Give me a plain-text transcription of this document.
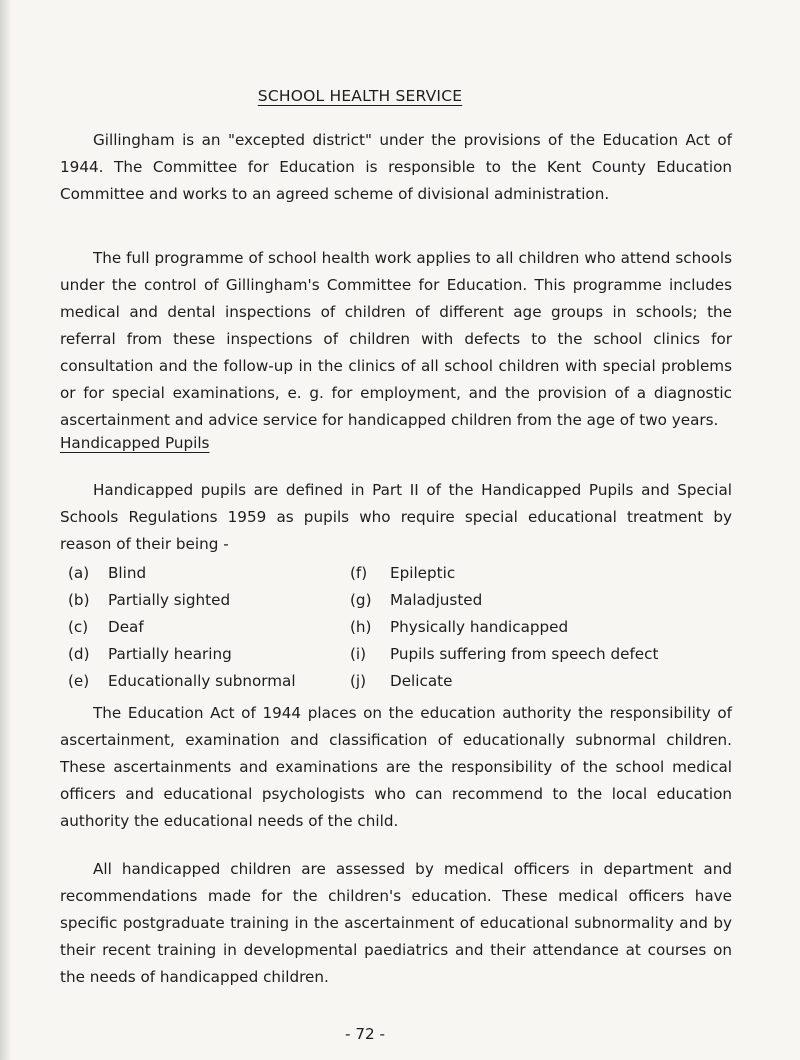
SCHOOL HEALTH SERVICE

Gillingham is an "excepted district" under the provisions of the Education Act of 1944. The Committee for Education is responsible to the Kent County Education Committee and works to an agreed scheme of divisional administration.

The full programme of school health work applies to all children who attend schools under the control of Gillingham's Committee for Education. This programme includes medical and dental inspections of children of different age groups in schools; the referral from these inspections of children with defects to the school clinics for consultation and the follow-up in the clinics of all school children with special problems or for special examinations, e. g. for employment, and the provision of a diagnostic ascertainment and advice service for handicapped children from the age of two years.

Handicapped Pupils

Handicapped pupils are defined in Part II of the Handicapped Pupils and Special Schools Regulations 1959 as pupils who require special educational treatment by reason of their being -

(a)	Blind
(b)	Partially sighted
(c)	Deaf
(d)	Partially hearing
(e)	Educationally subnormal
(f)	Epileptic
(g)	Maladjusted
(h)	Physically handicapped
(i)	Pupils suffering from speech defect
(j)	Delicate

The Education Act of 1944 places on the education authority the responsibility of ascertainment, examination and classification of educationally subnormal children. These ascertainments and examinations are the responsibility of the school medical officers and educational psychologists who can recommend to the local education authority the educational needs of the child.

All handicapped children are assessed by medical officers in department and recommendations made for the children's education. These medical officers have specific postgraduate training in the ascertainment of educational subnormality and by their recent training in developmental paediatrics and their attendance at courses on the needs of handicapped children.

- 72 -
